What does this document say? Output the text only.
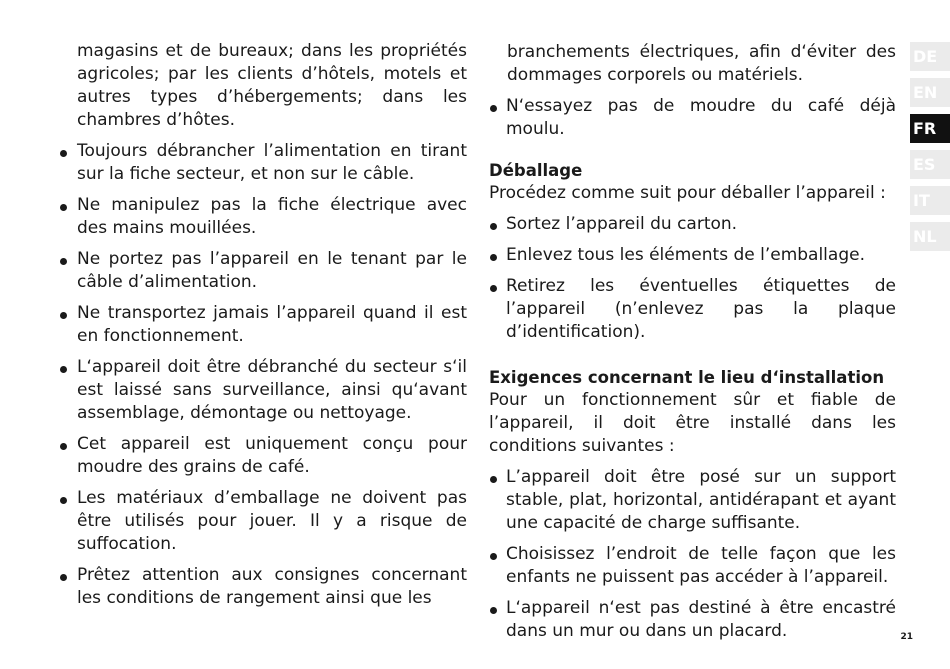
magasins et de bureaux; dans les propriétés agricoles; par les clients d’hôtels, motels et autres types d’hébergements; dans les chambres d’hôtes.

Toujours débrancher l’alimentation en tirant sur la fiche secteur, et non sur le câble.
Ne manipulez pas la fiche électrique avec des mains mouillées.
Ne portez pas l’appareil en le tenant par le câble d’alimentation.
Ne transportez jamais l’appareil quand il est en fonctionnement.
L‘appareil doit être débranché du secteur s‘il est laissé sans surveillance, ainsi qu‘avant assemblage, démontage ou nettoyage.
Cet appareil est uniquement conçu pour moudre des grains de café.
Les matériaux d’emballage ne doivent pas être utilisés pour jouer. Il y a risque de suffocation.
Prêtez attention aux consignes concernant les conditions de rangement ainsi que les

branchements électriques, afin d‘éviter des dommages corporels ou matériels.

N‘essayez pas de moudre du café déjà moulu.
Déballage

Procédez comme suit pour déballer l’appareil :

Sortez l’appareil du carton.
Enlevez tous les éléments de l’emballage.
Retirez les éventuelles étiquettes de l’appareil (n’enlevez pas la plaque d’identification).
Exigences concernant le lieu d‘installation

Pour un fonctionnement sûr et fiable de l’appareil, il doit être installé dans les conditions suivantes :

L’appareil doit être posé sur un support stable, plat, horizontal, antidérapant et ayant une capacité de charge suffisante.
Choisissez l’endroit de telle façon que les enfants ne puissent pas accéder à l’appareil.
L‘appareil n‘est pas destiné à être encastré dans un mur ou dans un placard.
DE
EN
FR
ES
IT
NL
21
